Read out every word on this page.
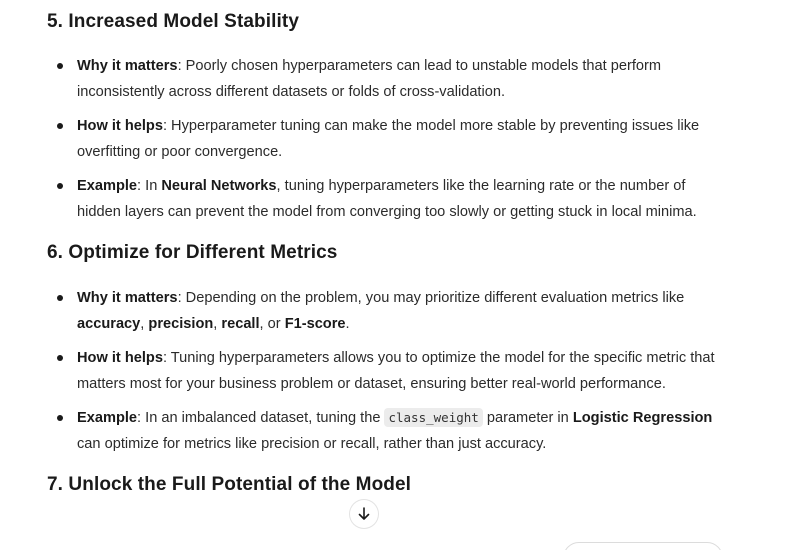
5. Increased Model Stability
Why it matters: Poorly chosen hyperparameters can lead to unstable models that perform inconsistently across different datasets or folds of cross-validation.
How it helps: Hyperparameter tuning can make the model more stable by preventing issues like overfitting or poor convergence.
Example: In Neural Networks, tuning hyperparameters like the learning rate or the number of hidden layers can prevent the model from converging too slowly or getting stuck in local minima.
6. Optimize for Different Metrics
Why it matters: Depending on the problem, you may prioritize different evaluation metrics like accuracy, precision, recall, or F1-score.
How it helps: Tuning hyperparameters allows you to optimize the model for the specific metric that matters most for your business problem or dataset, ensuring better real-world performance.
Example: In an imbalanced dataset, tuning the class_weight parameter in Logistic Regression can optimize for metrics like precision or recall, rather than just accuracy.
7. Unlock the Full Potential of the Model
